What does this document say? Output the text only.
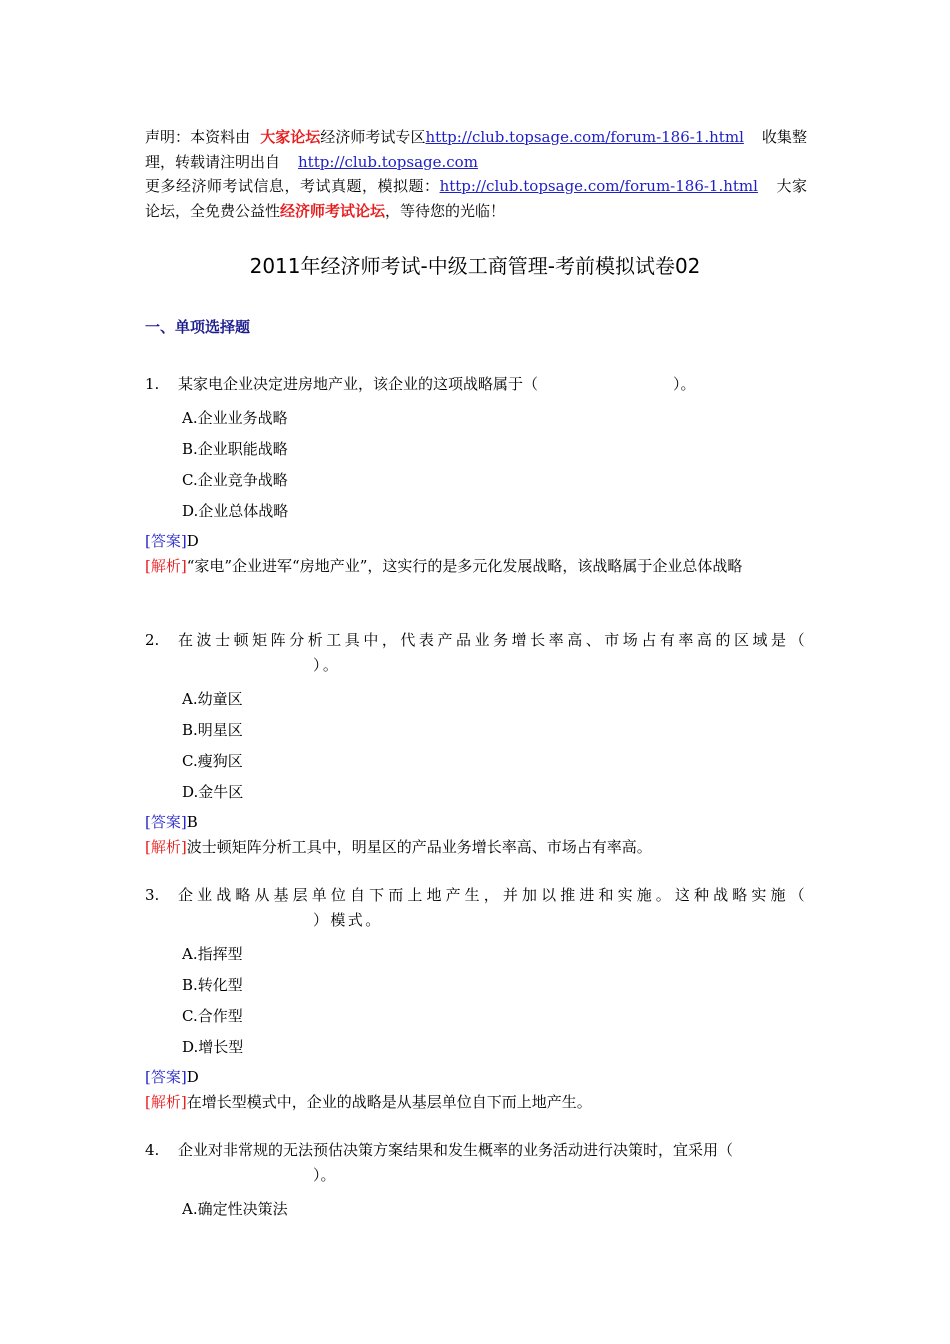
声明：本资料由 大家论坛经济师考试专区http://club.topsage.com/forum-186-1.html 收集整理，转载请注明出自 http://club.topsage.com
更多经济师考试信息，考试真题，模拟题：http://club.topsage.com/forum-186-1.html 大家论坛，全免费公益性经济师考试论坛，等待您的光临！
2011年经济师考试-中级工商管理-考前模拟试卷02
一、单项选择题
1. 某家电企业决定进房地产业，该企业的这项战略属于（	）。
A.企业业务战略
B.企业职能战略
C.企业竞争战略
D.企业总体战略
[答案]D
[解析]“家电”企业进军“房地产业”，这实行的是多元化发展战略，该战略属于企业总体战略
2. 在波士顿矩阵分析工具中，代表产品业务增长率高、市场占有率高的区域是（）。
A.幼童区
B.明星区
C.瘦狗区
D.金牛区
[答案]B
[解析]波士顿矩阵分析工具中，明星区的产品业务增长率高、市场占有率高。
3. 企业战略从基层单位自下而上地产生，并加以推进和实施。这种战略实施（）模式。
A.指挥型
B.转化型
C.合作型
D.增长型
[答案]D
[解析]在增长型模式中，企业的战略是从基层单位自下而上地产生。
4. 企业对非常规的无法预估决策方案结果和发生概率的业务活动进行决策时，宜采用（）。
A.确定性决策法
